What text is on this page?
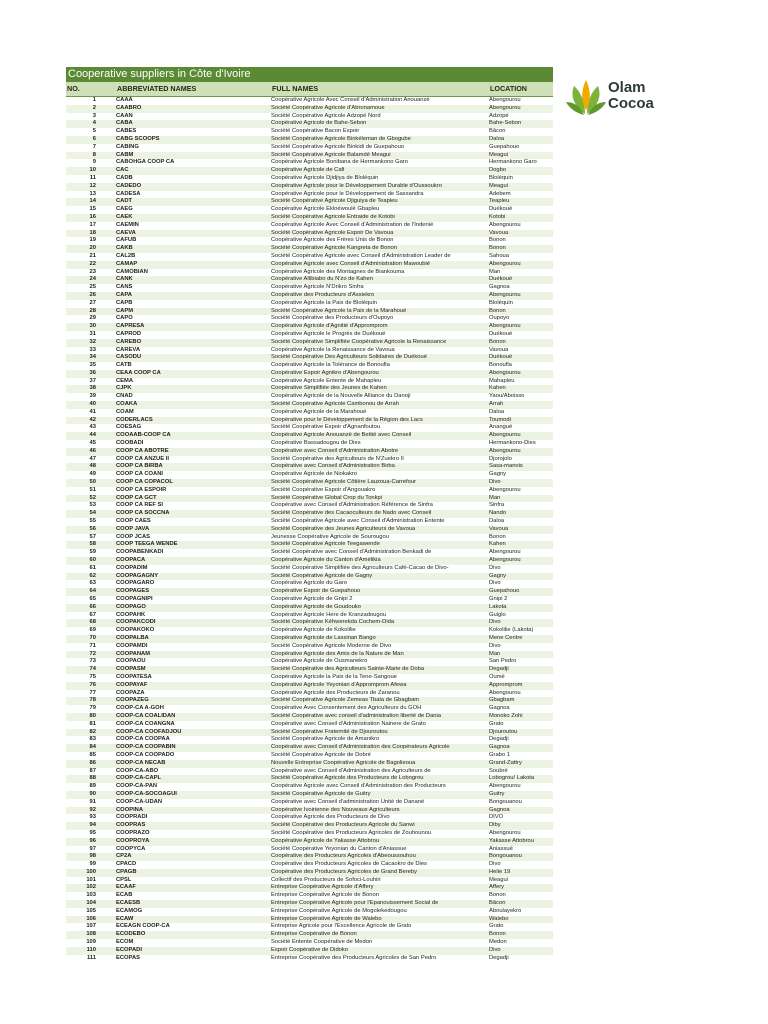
Cooperative suppliers in Côte d'Ivoire
NO.	ABBREVIATED NAMES	FULL NAMES	LOCATION
1	CAAA	Coopérative Agricole Avec Conseil d'Administration Anouanzè	Abengourou
2	CAABRO	Société Coopérative Agricole d'Abronamoue	Abengourou
3	CAAN	Société Coopérative Agricole Adzopé Nord	Adzopé
4	CABA	Coopérative Agricole de Bahe-Sebon	Bahe-Sebon
5	CABES	Société Coopérative Bacon Espoir	Bâcon
6	CABG SCOOPS	Société Coopérative Agricole Binkéleman de Gbogube	Daloa
7	CABING	Société Coopérative Agricole Binkidi de Guepahouo	Guepahouo
8	CABM	Société Coopérative Agricole Balamdé Meagui	Meagui
9	CABOHGA COOP CA	Coopérative Agricole Bonibana de Hermankono Garo	Hermankono Garo
10	CAC	Coopérative Agricole de Cafi	Dogbo
11	CADB	Coopérative Agricole Djidjiya de Bloléquin	Bloléquin
12	CADEDO	Coopérative Agricole pour le Développement Durable d'Oussoukro	Meagui
13	CADESA	Coopérative Agricole pour le Développement de Sassandra	Adebem
14	CADT	Société Coopérative Agricole Djiguiya de Teapleu	Teapleu
15	CAEG	Coopérative Agricole Ekloéwoulé Gbapleu	Duékoué
16	CAEK	Société Coopérative Agricole Entraide de Kotobi	Kotobi
17	CAEMIN	Coopérative Agricole Avec Conseil d'Administration de l'Indenié	Abengourou
18	CAEVA	Société Coopérative Agricole Espoir De Vavoua	Vavoua
19	CAFUB	Coopérative Agricole des Frères Unis de Bonon	Bonon
20	CAKB	Société Coopérative Agricole Kangreta de Bonon	Bonon
21	CAL2B	Société Coopérative Agricole avec Conseil d'Administration Leader de	Sahoua
22	CAMAP	Coopérative Agricole avec Conseil d'Administration Mawoubié	Abengourou
23	CAMOBIAN	Coopérative Agricole des Montagnes de Biankouma	Man
24	CANK	Coopérative Allibiabo du N'zo de Kahen	Duékoué
25	CANS	Coopérative Agricole N'Drikro Sinfra	Gagnoa
26	CAPA	Coopérative des Producteurs d'Assiekro	Abengourou
27	CAPB	Coopérative Agricole la Paix de Bloléquin	Bloléquin
28	CAPM	Société Coopérative Agricole la Paix de la Marahoué	Bonon
29	CAPO	Société Coopérative des Producteurs d'Oupoyo	Oupoyo
30	CAPRESA	Coopérative Agricole d'Agnitié d'Appromprom	Abengourou
31	CAPROD	Coopérative Agricole le Progrès de Duékoué	Duékoué
32	CAREBO	Société Coopérative Simplifiée Coopérative Agricole la Renaissance	Bonon
33	CAREVA	Coopérative Agricole la Renaissance de Vavoua	Vavoua
34	CASODU	Société Coopérative Des Agriculteurs Solidaires de Duékoué	Duékoué
35	CATB	Coopérative Agricole la Tolérance de Bonoufla	Bonoufla
36	CEAA COOP CA	Coopérative Espoir Agnikro d'Abengourou	Abengourou
37	CEMA	Coopérative Agricole Entente de Mahapleu	Mahapleu
38	CJPK	Coopérative Simplifiée des Jeunes de Kahen	Kahen
39	CNAD	Coopérative Agricole de la Nouvelle Alliance du Danoji	Yaou/Aboisso
40	COAKA	Société Coopérative Agricole Cambonou de Arrah	Arrah
41	COAM	Coopérative Agricole de la Marahoué	Daloa
42	CODERLACS	Coopérative pour le Développement de la Région des Lacs	Toumodi
43	COESAG	Société Coopérative Espoir d'Agnanfoutou	Anangué
44	COOAAB-COOP CA	Coopérative Agricole Anouanzè de Bettié avec Conseil	Abengourou
45	COOBADI	Coopérative Bassadougou de Dies	Hermankono-Dies
46	COOP CA ABOTRE	Coopérative avec Conseil d'Administration Abotre	Abengourou
47	COOP CA ANZUE II	Société Coopérative des Agriculteurs de N'Zuekro II	Djorojolo
48	COOP CA BIRBA	Coopérative avec Conseil d'Administration Birba	Sasa-manois
49	COOP CA COANI	Coopérative Agricole de Niokakro	Gagny
50	COOP CA COPACOL	Société Coopérative Agricole Côtière Lauzoua-Carrefour	Divo
51	COOP CA ESPOIR	Société Coopérative Espoir d'Angouakro	Abengourou
52	COOP CA GCT	Société Coopérative Global Crop du Tonkpi	Man
53	COOP CA REF SI	Coopérative avec Conseil d'Administration Référence de Sinfra	Sinfra
54	COOP CA SOCCNA	Société Coopérative des Cacaoculteurs de Nado avec Conseil	Nando
55	COOP CAES	Société Coopérative Agricole avec Conseil d'Administration Entente	Daloa
56	COOP JAVA	Société Coopérative des Jeunes Agriculteurs de Vavoua	Vavoua
57	COOP JCAS	Jeunesse Coopérative Agricole de Sourougou	Bonon
58	COOP TEEGA WENDE	Société Coopérative Agricole Teegawende	Kahen
59	COOPABENKADI	Société Coopérative avec Conseil d'Administration Benkadi de	Abengourou
60	COOPACA	Coopérative Agricole du Canton d'Amélikia	Abengourou
61	COOPADIM	Société Coopérative Simplifiée des Agriculteurs Café-Cacao de Divo-	Divo
62	COOPAGAGNY	Société Coopérative Agricole de Gagny	Gagny
63	COOPAGARO	Coopérative Agricole du Garo	Divo
64	COOPAGES	Coopérative Espoir de Guepahouo	Guepahouo
65	COOPAGNIPI	Coopérative Agricole de Gnipi 2	Gnipi 2
66	COOPAGO	Coopérative Agricole de Goudouko	Lakota
67	COOPAHK	Coopérative Agricole Here de Kranzadougou	Guiglo
68	COOPAKCODI	Société Coopérative Kéhwerekda Cochem-Dida	Divo
69	COOPAKOKO	Coopérative Agricole de Kokolilie	Kokolilie (Lakota)
70	COOPALBA	Coopérative Agricole de Lassinan Bango	Mene Centre
71	COOPAMDI	Société Coopérative Agricole Moderne de Divo	Divo
72	COOPANAM	Coopérative Agricole des Amis de la Nature de Man	Man
73	COOPAOU	Coopérative Agricole de Ousmanekro	San Pedro
74	COOPASM	Société Coopérative des Agriculteurs Sainte-Marie de Doba	Degadji
75	COOPATESA	Coopérative Agricole la Paix de la Tene-Sangoue	Oumé
76	COOPAYAF	Coopérative Agricole Yeyonian d'Appromprom Afewa	Appromprom
77	COOPAZA	Coopérative Agricole des Producteurs de Zaranou	Abengourou
78	COOPAZEG	Société Coopérative Agricole Zemeas Tbala de Gbagbam	Gbagbam
79	COOP-CA A-GÔH	Coopérative Avec Consentement des Agriculteurs du GÔH	Gagnoa
80	COOP-CA COALIDAN	Société Coopérative avec conseil d'administration liberté de Dania	Monoko Zohi
81	COOP-CA COANGNA	Coopérative avec Conseil d'Administration Nainere de Grato	Grato
82	COOP-CA COOFADJOU	Société Coopérative Fraternité de Djouroutou	Djouroutou
83	COOP-CA COOPAA	Société Coopérative Agricole de Amanikro	Degadji
84	COOP-CA COOPABIN	Coopérative avec Conseil d'Administration des Coopérateurs Agricole	Gagnoa
85	COOP-CA COOPADO	Société Coopérative Agricole de Dobré	Grabo 1
86	COOP-CA NECAB	Nouvelle Entreprise Coopérative Agricole de Bagolieoua	Grand-Zattry
87	COOP-CA-ABO	Coopérative avec Conseil d'Administration des Agriculteurs de	Soubré
88	COOP-CA-CAPL	Société Coopérative Agricole des Producteurs de Lobogrou	Lobogrou/ Lakota
89	COOP-CA-PAN	Coopérative Agricole avec Conseil d'Administration des Producteurs	Abengourou
90	COOP-CA-SOCOAGUI	Société Coopérative Agricole de Guitry	Guitry
91	COOP-CA-UDAN	Coopérative avec Conseil d'administration Unité de Danané	Bongouanou
92	COOPINA	Coopérative Ivoirienne des Nouveaux Agriculteurs	Gagnoa
93	COOPRADI	Coopérative Agricole des Producteurs de Divo	DIVO
94	COOPRAS	Société Coopérative des Producteurs Agricole du Sanwi	Diby
95	COOPRAZO	Société Coopérative des Producteurs Agricoles de Zouhounou	Abengourou
96	COOPROYA	Coopérative Agricole de Yakasse Attobrou	Yakasse Attobrou
97	COOPYCA	Société Coopérative Yeyonian du Canton d'Aniassue	Aniassué
98	CP2A	Coopérative des Producteurs Agricoles d'Abeoussouhou	Bongouanou
99	CPACD	Coopérative des Producteurs Agricoles de Cacaokro de Dies	Divo
100	CPAGB	Coopérative des Producteurs Agricoles de Grand Bereby	Helie 19
101	CPSL	Collectif des Producteurs de Sofoci-Louhiri	Meagui
102	ECAAF	Entreprise Coopérative Agricole d'Affery	Affery
103	ECAB	Entreprise Coopérative Agricole de Bonon	Bonon
104	ECAESB	Entreprise Coopérative Agricole pour l'Epanouissement Social de	Bâcon
105	ECAMOG	Entreprise Coopérative Agricole de Mogolekedougou	Aboulayekro
106	ECAW	Entreprise Coopérative Agricole de Walebo	Walebo
107	ECEAGN COOP-CA	Entreprise Agricole pour l'Excellence Agricole de Grato	Grato
108	ECODEBO	Entreprise Coopérative de Bonon	Bonon
109	ECOM	Société Entente Coopérative de Medon	Medon
110	ECOPADI	Espoir Coopérative de Didoko	Divo
111	ECOPAS	Entreprise Coopérative des Producteurs Agricoles de San Pedro	Degadji
Olam
Cocoa
